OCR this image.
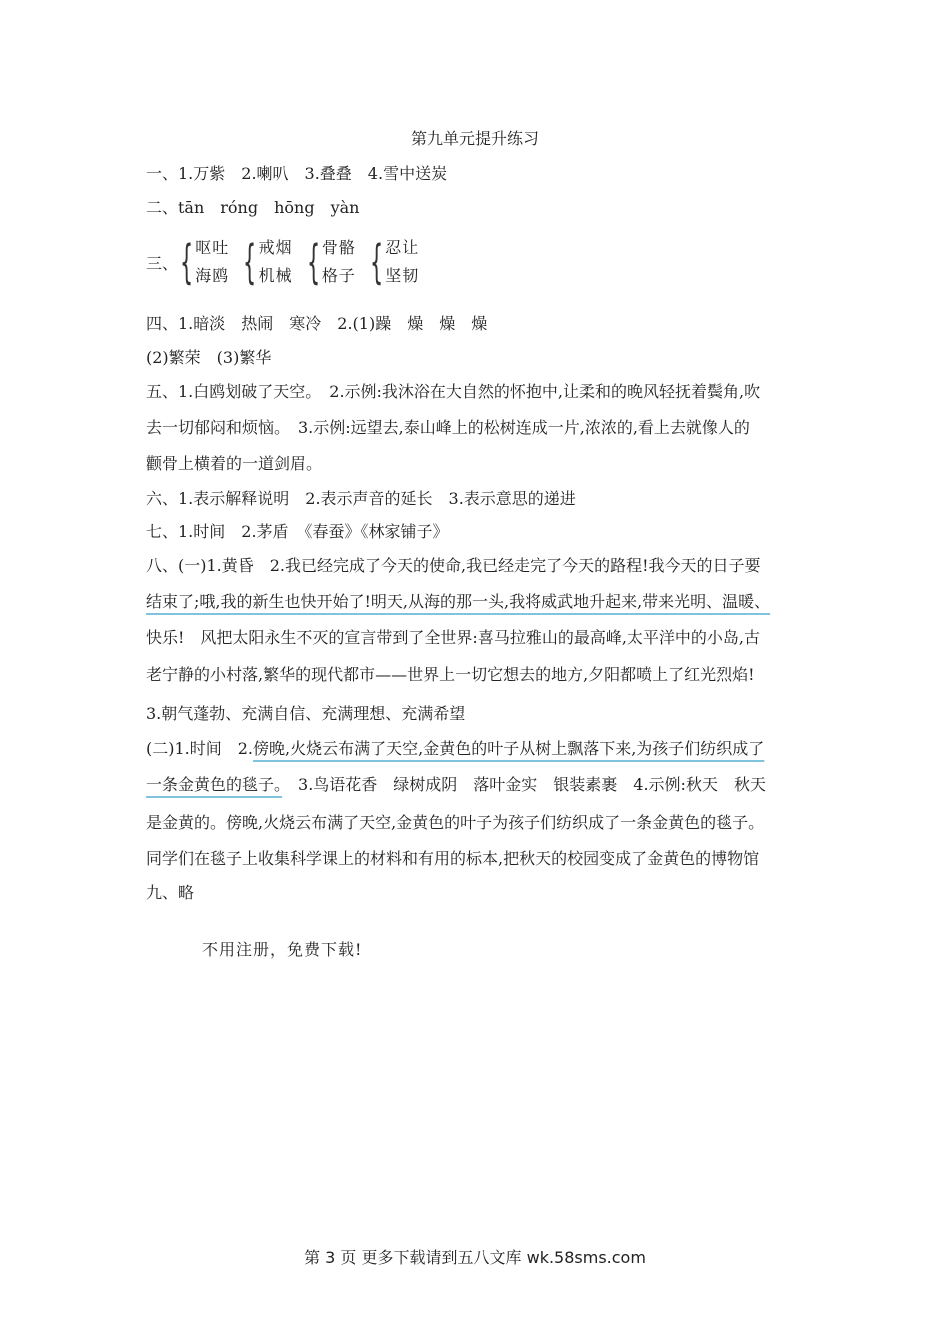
第九单元提升练习
一、1.万紫　2.喇叭　3.叠叠　4.雪中送炭
二、tān　róng　hōng　yàn
三、 { 呕吐
海鸥 { 戒烟
机械 { 骨骼
格子 { 忍让
坚韧
四、1.暗淡　热闹　寒冷　2.(1)躁　燥　燥　燥
(2)繁荣　(3)繁华
五、1.白鸥划破了天空。　2.示例:我沐浴在大自然的怀抱中,让柔和的晚风轻抚着鬓角,吹
去一切郁闷和烦恼。　3.示例:远望去,泰山峰上的松树连成一片,浓浓的,看上去就像人的
颧骨上横着的一道剑眉。
六、1.表示解释说明　2.表示声音的延长　3.表示意思的递进
七、1.时间　2.茅盾　《春蚕》《林家铺子》
八、(一)1.黄昏　2.我已经完成了今天的使命,我已经走完了今天的路程!我今天的日子要
结束了;哦,我的新生也快开始了!明天,从海的那一头,我将威武地升起来,带来光明、温暖、
快乐!　风把太阳永生不灭的宣言带到了全世界:喜马拉雅山的最高峰,太平洋中的小岛,古
老宁静的小村落,繁华的现代都市——世界上一切它想去的地方,夕阳都喷上了红光烈焰!
3.朝气蓬勃、充满自信、充满理想、充满希望
(二)1.时间　2.傍晚,火烧云布满了天空,金黄色的叶子从树上飘落下来,为孩子们纺织成了
一条金黄色的毯子。　3.鸟语花香　绿树成阴　落叶金实　银装素裹　4.示例:秋天　秋天
是金黄的。傍晚,火烧云布满了天空,金黄色的叶子为孩子们纺织成了一条金黄色的毯子。
同学们在毯子上收集科学课上的材料和有用的标本,把秋天的校园变成了金黄色的博物馆
九、略
不用注册，免费下载!
第 3 页 更多下载请到五八文库 wk.58sms.com
